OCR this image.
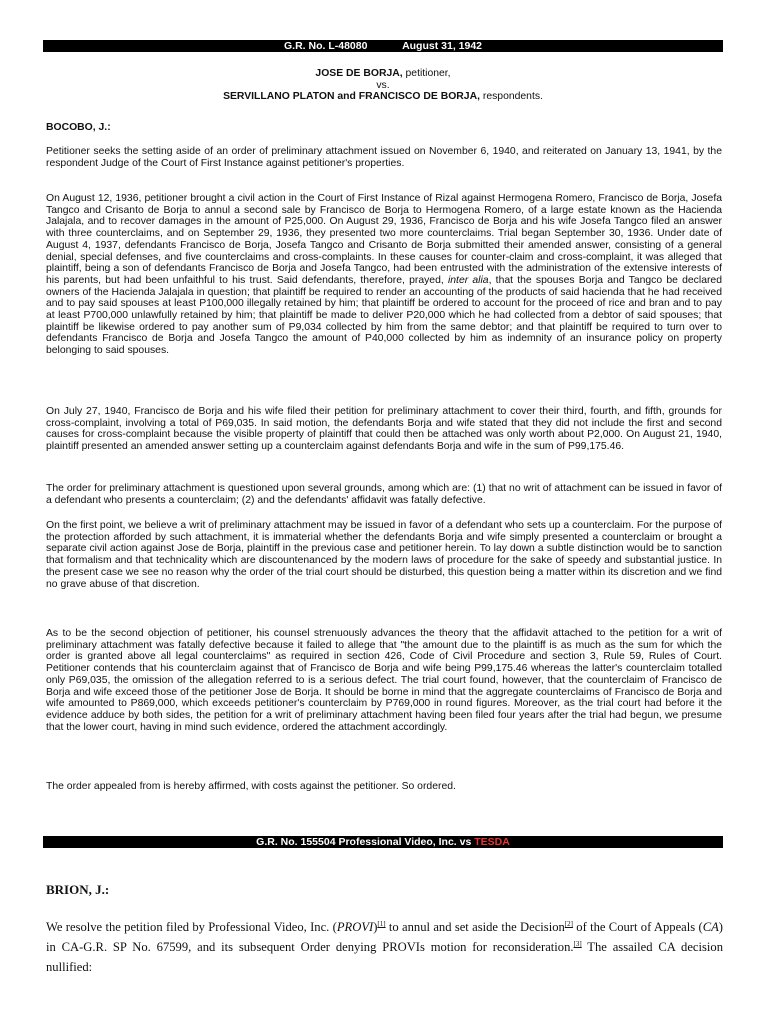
G.R. No. L-48080	August 31, 1942
JOSE DE BORJA, petitioner,
vs.
SERVILLANO PLATON and FRANCISCO DE BORJA, respondents.
BOCOBO, J.:

Petitioner seeks the setting aside of an order of preliminary attachment issued on November 6, 1940, and reiterated on January 13, 1941, by the respondent Judge of the Court of First Instance against petitioner's properties.

On August 12, 1936, petitioner brought a civil action in the Court of First Instance of Rizal against Hermogena Romero, Francisco de Borja, Josefa Tangco and Crisanto de Borja to annul a second sale by Francisco de Borja to Hermogena Romero, of a large estate known as the Hacienda Jalajala, and to recover damages in the amount of P25,000. On August 29, 1936, Francisco de Borja and his wife Josefa Tangco filed an answer with three counterclaims, and on September 29, 1936, they presented two more counterclaims. Trial began September 30, 1936. Under date of August 4, 1937, defendants Francisco de Borja, Josefa Tangco and Crisanto de Borja submitted their amended answer, consisting of a general denial, special defenses, and five counterclaims and cross-complaints. In these causes for counter-claim and cross-complaint, it was alleged that plaintiff, being a son of defendants Francisco de Borja and Josefa Tangco, had been entrusted with the administration of the extensive interests of his parents, but had been unfaithful to his trust. Said defendants, therefore, prayed, inter alia, that the spouses Borja and Tangco be declared owners of the Hacienda Jalajala in question; that plaintiff be required to render an accounting of the products of said hacienda that he had received and to pay said spouses at least P100,000 illegally retained by him; that plaintiff be ordered to account for the proceed of rice and bran and to pay at least P700,000 unlawfully retained by him; that plaintiff be made to deliver P20,000 which he had collected from a debtor of said spouses; that plaintiff be likewise ordered to pay another sum of P9,034 collected by him from the same debtor; and that plaintiff be required to turn over to defendants Francisco de Borja and Josefa Tangco the amount of P40,000 collected by him as indemnity of an insurance policy on property belonging to said spouses.

On July 27, 1940, Francisco de Borja and his wife filed their petition for preliminary attachment to cover their third, fourth, and fifth, grounds for cross-complaint, involving a total of P69,035. In said motion, the defendants Borja and wife stated that they did not include the first and second causes for cross-complaint because the visible property of plaintiff that could then be attached was only worth about P2,000. On August 21, 1940, plaintiff presented an amended answer setting up a counterclaim against defendants Borja and wife in the sum of P99,175.46.

The order for preliminary attachment is questioned upon several grounds, among which are: (1) that no writ of attachment can be issued in favor of a defendant who presents a counterclaim; (2) and the defendants' affidavit was fatally defective.

On the first point, we believe a writ of preliminary attachment may be issued in favor of a defendant who sets up a counterclaim. For the purpose of the protection afforded by such attachment, it is immaterial whether the defendants Borja and wife simply presented a counterclaim or brought a separate civil action against Jose de Borja, plaintiff in the previous case and petitioner herein. To lay down a subtle distinction would be to sanction that formalism and that technicality which are discountenanced by the modern laws of procedure for the sake of speedy and substantial justice. In the present case we see no reason why the order of the trial court should be disturbed, this question being a matter within its discretion and we find no grave abuse of that discretion.

As to be the second objection of petitioner, his counsel strenuously advances the theory that the affidavit attached to the petition for a writ of preliminary attachment was fatally defective because it failed to allege that "the amount due to the plaintiff is as much as the sum for which the order is granted above all legal counterclaims" as required in section 426, Code of Civil Procedure and section 3, Rule 59, Rules of Court. Petitioner contends that his counterclaim against that of Francisco de Borja and wife being P99,175.46 whereas the latter's counterclaim totalled only P69,035, the omission of the allegation referred to is a serious defect. The trial court found, however, that the counterclaim of Francisco de Borja and wife exceed those of the petitioner Jose de Borja. It should be borne in mind that the aggregate counterclaims of Francisco de Borja and wife amounted to P869,000, which exceeds petitioner's counterclaim by P769,000 in round figures. Moreover, as the trial court had before it the evidence adduce by both sides, the petition for a writ of preliminary attachment having been filed four years after the trial had begun, we presume that the lower court, having in mind such evidence, ordered the attachment accordingly.

The order appealed from is hereby affirmed, with costs against the petitioner. So ordered.

G.R. No. 155504 Professional Video, Inc. vs TESDA
BRION, J.:

We resolve the petition filed by Professional Video, Inc. (PROVI)[1] to annul and set aside the Decision[2] of the Court of Appeals (CA) in CA-G.R. SP No. 67599, and its subsequent Order denying PROVIs motion for reconsideration.[3] The assailed CA decision nullified:
